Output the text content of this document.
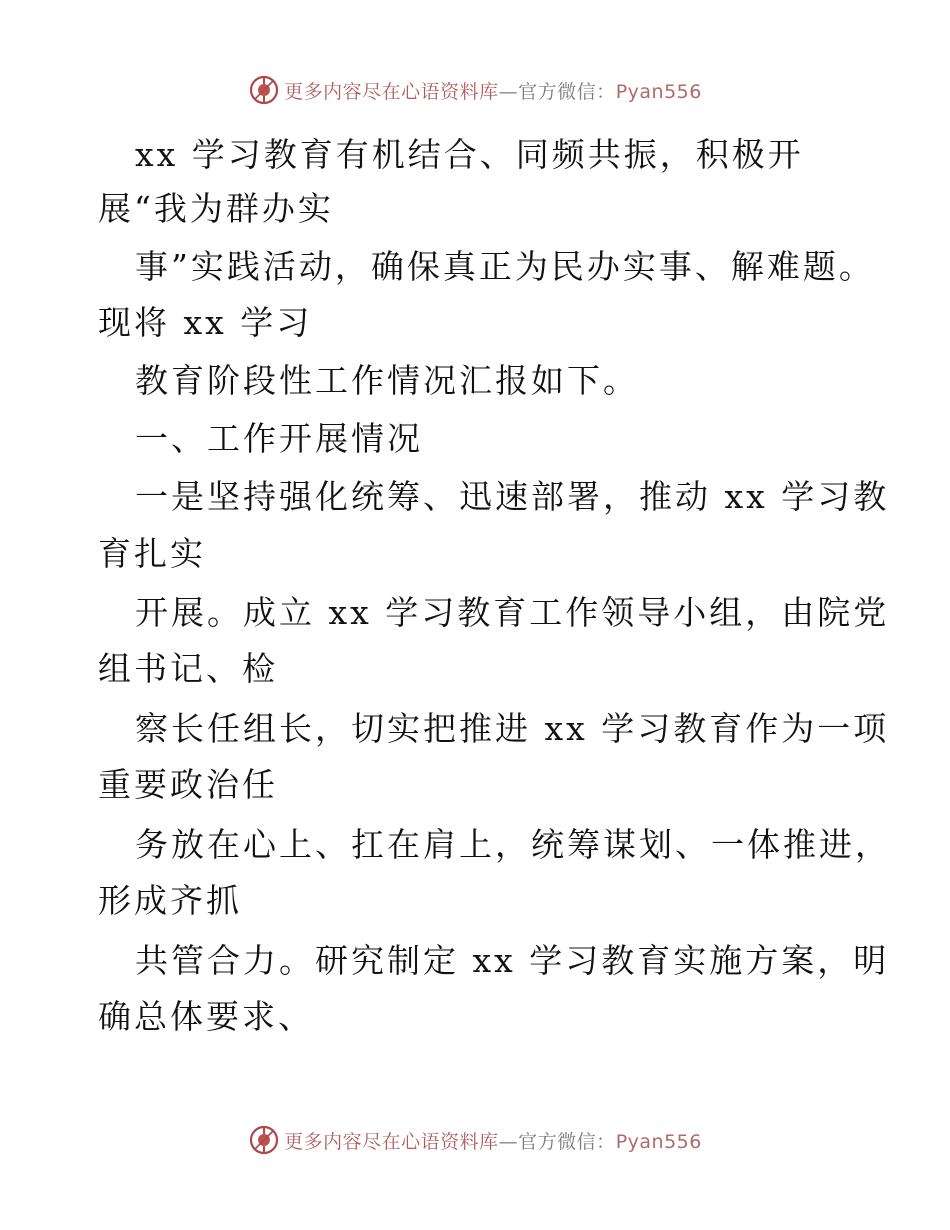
更多内容尽在心语资料库—官方微信：Pyan556
xx 学习教育有机结合、同频共振，积极开
展“我为群办实
事”实践活动，确保真正为民办实事、解难题。
现将 xx 学习
教育阶段性工作情况汇报如下。
一、工作开展情况
一是坚持强化统筹、迅速部署，推动 xx 学习教
育扎实
开展。成立 xx 学习教育工作领导小组，由院党
组书记、检
察长任组长，切实把推进 xx 学习教育作为一项
重要政治任
务放在心上、扛在肩上，统筹谋划、一体推进，
形成齐抓
共管合力。研究制定 xx 学习教育实施方案，明
确总体要求、
更多内容尽在心语资料库—官方微信：Pyan556
